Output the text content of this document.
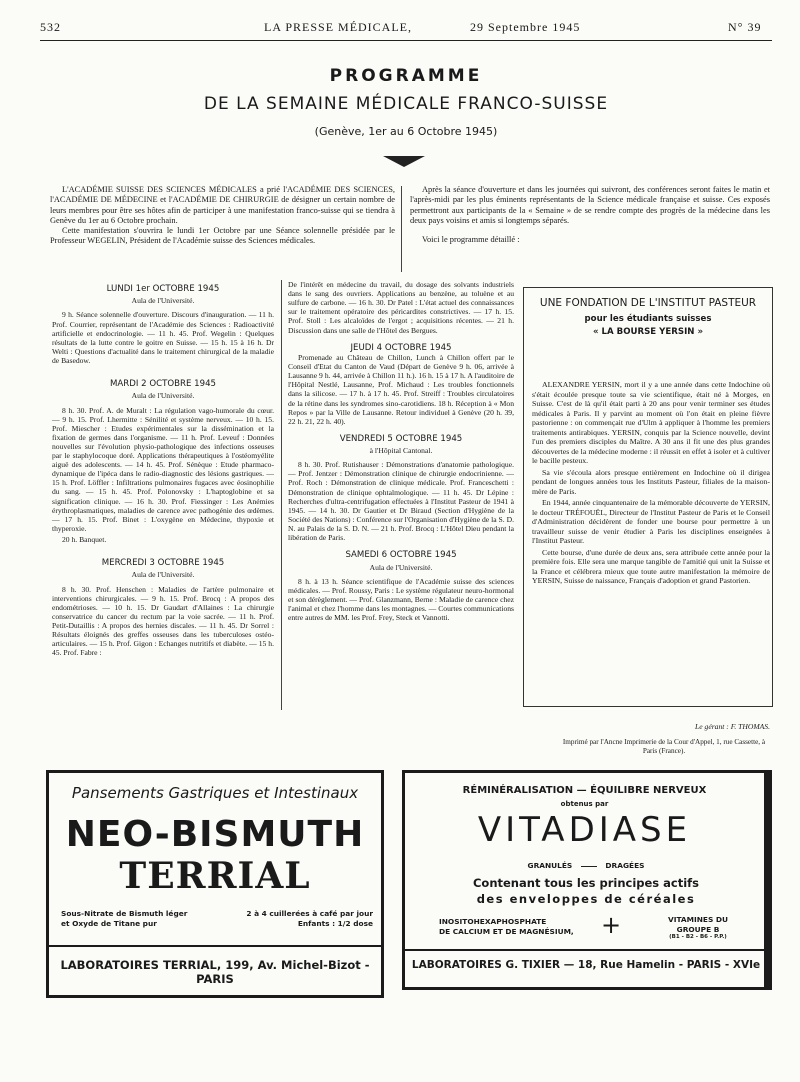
532	LA PRESSE MÉDICALE,	29 Septembre 1945	N° 39
PROGRAMME
DE LA SEMAINE MÉDICALE FRANCO-SUISSE
(Genève, 1er au 6 Octobre 1945)

L'ACADÉMIE SUISSE DES SCIENCES MÉDICALES a prié l'ACADÉMIE DES SCIENCES, l'ACADÉMIE DE MÉDECINE et l'ACADÉMIE DE CHIRURGIE de désigner un certain nombre de leurs membres pour être ses hôtes afin de participer à une manifestation franco-suisse qui se tiendra à Genève du 1er au 6 Octobre prochain.

Cette manifestation s'ouvrira le lundi 1er Octobre par une Séance solennelle présidée par le Professeur WEGELIN, Président de l'Académie suisse des Sciences médicales.

Après la séance d'ouverture et dans les journées qui suivront, des conférences seront faites le matin et l'après-midi par les plus éminents représentants de la Science médicale française et suisse. Ces exposés permettront aux participants de la « Semaine » de se rendre compte des progrès de la médecine dans les deux pays voisins et amis si longtemps séparés.

Voici le programme détaillé :

LUNDI 1er OCTOBRE 1945
Aula de l'Université.

9 h. Séance solennelle d'ouverture. Discours d'inauguration. — 11 h. Prof. Courrier, représentant de l'Académie des Sciences : Radioactivité artificielle et endocrinologie. — 11 h. 45. Prof. Wegelin : Quelques résultats de la lutte contre le goitre en Suisse. — 15 h. 15 à 16 h. Dr Welti : Questions d'actualité dans le traitement chirurgical de la maladie de Basedow.

MARDI 2 OCTOBRE 1945
Aula de l'Université.

8 h. 30. Prof. A. de Muralt : La régulation vago-humorale du cœur. — 9 h. 15. Prof. Lhermitte : Sénilité et système nerveux. — 10 h. 15. Prof. Miescher : Etudes expérimentales sur la dissémination et la fixation de germes dans l'organisme. — 11 h. Prof. Leveuf : Données nouvelles sur l'évolution physio-pathologique des infections osseuses par le staphylocoque doré. Applications thérapeutiques à l'ostéomyélite aiguë des adolescents. — 14 h. 45. Prof. Sénèque : Etude pharmaco-dynamique de l'ipéca dans le radio-diagnostic des lésions gastriques. — 15 h. Prof. Löffler : Infiltrations pulmonaires fugaces avec éosinophilie du sang. — 15 h. 45. Prof. Polonovsky : L'haptoglobine et sa signification clinique. — 16 h. 30. Prof. Fiessinger : Les Anémies érythroplasmatiques, maladies de carence avec pathogénie des œdèmes. — 17 h. 15. Prof. Binet : L'oxygène en Médecine, thypoxie et thyperoxie.

20 h. Banquet.

MERCREDI 3 OCTOBRE 1945
Aula de l'Université.

8 h. 30. Prof. Henschen : Maladies de l'artère pulmonaire et interventions chirurgicales. — 9 h. 15. Prof. Brocq : A propos des endométrioses. — 10 h. 15. Dr Gaudart d'Allaines : La chirurgie conservatrice du cancer du rectum par la voie sacrée. — 11 h. Prof. Petit-Dutaillis : A propos des hernies discales. — 11 h. 45. Dr Sorrel : Résultats éloignés des greffes osseuses dans les tuberculoses ostéo-articulaires. — 15 h. Prof. Gigon : Echanges nutritifs et diabète. — 15 h. 45. Prof. Fabre :

De l'intérêt en médecine du travail, du dosage des solvants industriels dans le sang des ouvriers. Applications au benzène, au toluène et au sulfure de carbone. — 16 h. 30. Dr Patel : L'état actuel des connaissances sur le traitement opératoire des péricardites constrictives. — 17 h. 15. Prof. Stoll : Les alcaloïdes de l'ergot ; acquisitions récentes. — 21 h. Discussion dans une salle de l'Hôtel des Bergues.

JEUDI 4 OCTOBRE 1945

Promenade au Château de Chillon, Lunch à Chillon offert par le Conseil d'Etat du Canton de Vaud (Départ de Genève 9 h. 06, arrivée à Lausanne 9 h. 44, arrivée à Chillon 11 h.). 16 h. 15 à 17 h. A l'auditoire de l'Hôpital Nestlé, Lausanne, Prof. Michaud : Les troubles fonctionnels dans la silicose. — 17 h. à 17 h. 45. Prof. Streiff : Troubles circulatoires de la rétine dans les syndromes sino-carotidiens. 18 h. Réception à « Mon Repos » par la Ville de Lausanne. Retour individuel à Genève (20 h. 39, 22 h. 21, 22 h. 40).

VENDREDI 5 OCTOBRE 1945
à l'Hôpital Cantonal.

8 h. 30. Prof. Rutishauser : Démonstrations d'anatomie pathologique. — Prof. Jentzer : Démonstration clinique de chirurgie endocrinienne. — Prof. Roch : Démonstration de clinique médicale. Prof. Franceschetti : Démonstration de clinique ophtalmologique. — 11 h. 45. Dr Lépine : Recherches d'ultra-centrifugation effectuées à l'Institut Pasteur de 1941 à 1945. — 14 h. 30. Dr Gautier et Dr Biraud (Section d'Hygiène de la Société des Nations) : Conférence sur l'Organisation d'Hygiène de la S. D. N. au Palais de la S. D. N. — 21 h. Prof. Brocq : L'Hôtel Dieu pendant la libération de Paris.

SAMEDI 6 OCTOBRE 1945
Aula de l'Université.

8 h. à 13 h. Séance scientifique de l'Académie suisse des sciences médicales. — Prof. Roussy, Paris : Le système régulateur neuro-hormonal et son dérèglement. — Prof. Glanzmann, Berne : Maladie de carence chez l'animal et chez l'homme dans les montagnes. — Courtes communications entre autres de MM. les Prof. Frey, Steck et Vannotti.

UNE FONDATION DE L'INSTITUT PASTEUR
pour les étudiants suisses
« LA BOURSE YERSIN »

ALEXANDRE YERSIN, mort il y a une année dans cette Indochine où s'était écoulée presque toute sa vie scientifique, était né à Morges, en Suisse. C'est de là qu'il était parti à 20 ans pour venir terminer ses études médicales à Paris. Il y parvint au moment où l'on était en pleine fièvre pastorienne : on commençait rue d'Ulm à appliquer à l'homme les premiers traitements antirabiques. YERSIN, conquis par la Science nouvelle, devint l'un des premiers disciples du Maître. A 30 ans il fit une des plus grandes découvertes de la médecine moderne : il réussit en effet à isoler et à cultiver le bacille pesteux.

Sa vie s'écoula alors presque entièrement en Indochine où il dirigea pendant de longues années tous les Instituts Pasteur, filiales de la maison-mère de Paris.

En 1944, année cinquantenaire de la mémorable découverte de YERSIN, le docteur TRÉFOUËL, Directeur de l'Institut Pasteur de Paris et le Conseil d'Administration décidèrent de fonder une bourse pour permettre à un travailleur suisse de venir étudier à Paris les disciplines enseignées à l'Institut Pasteur.

Cette bourse, d'une durée de deux ans, sera attribuée cette année pour la première fois. Elle sera une marque tangible de l'amitié qui unit la Suisse et la France et célébrera mieux que toute autre manifestation la mémoire de YERSIN, Suisse de naissance, Français d'adoption et grand Pastorien.

Le gérant : F. THOMAS.
Imprimé par l'Ancne Imprimerie de la Cour d'Appel, 1, rue Cassette, à Paris (France).
Pansements Gastriques et Intestinaux
NEO-BISMUTH
TERRIAL
Sous-Nitrate de Bismuth léger
et Oxyde de Titane pur
2 à 4 cuillerées à café par jour
Enfants : 1/2 dose
LABORATOIRES TERRIAL, 199, Av. Michel-Bizot - PARIS
RÉMINÉRALISATION — ÉQUILIBRE NERVEUX
obtenus par
VITADIASE
GRANULÉS	DRAGÉES
Contenant tous les principes actifs
des enveloppes de céréales
INOSITOHEXAPHOSPHATE
DE CALCIUM ET DE MAGNÉSIUM,	+	VITAMINES DU
GROUPE B
(B1 - B2 - B6 - P.P.)
LABORATOIRES G. TIXIER — 18, Rue Hamelin - PARIS - XVIe
